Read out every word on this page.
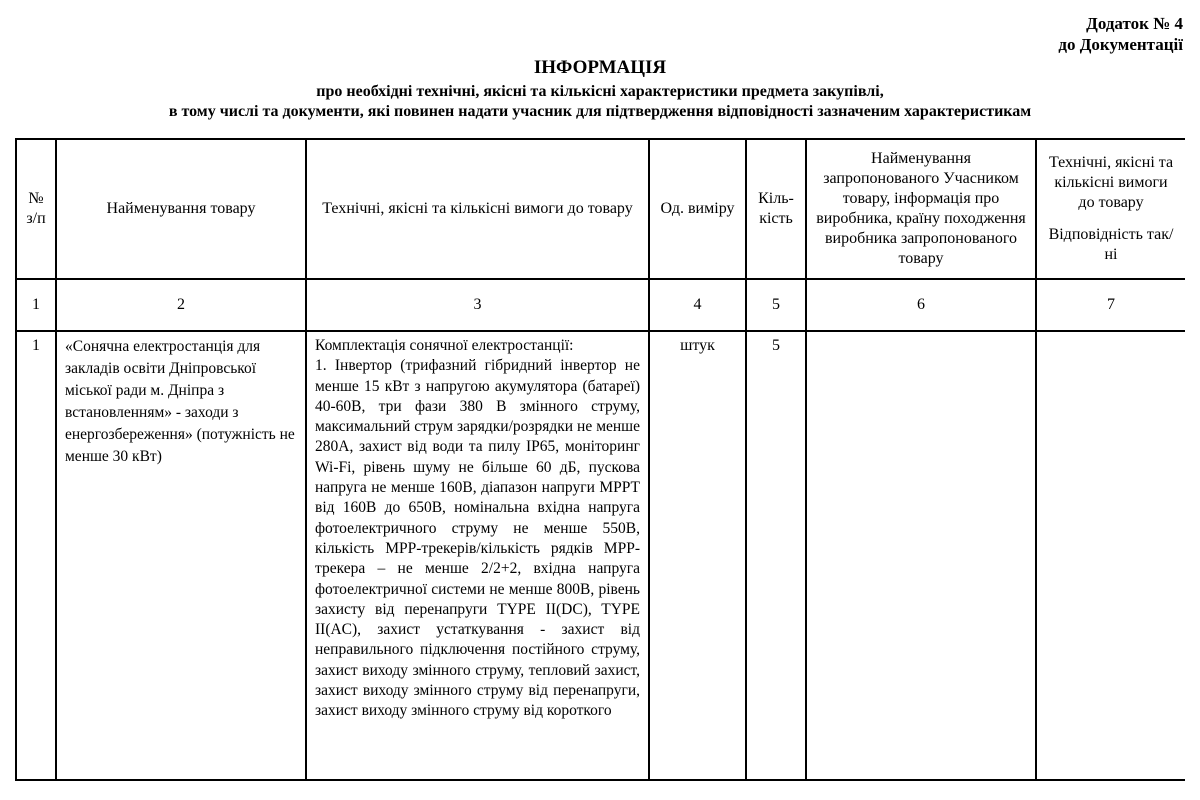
Додаток № 4
до Документації
ІНФОРМАЦІЯ
про необхідні технічні, якісні та кількісні характеристики предмета закупівлі,
в тому числі та документи, які повинен надати учасник для підтвердження відповідності зазначеним характеристикам
№ з/п	Найменування товару	Технічні, якісні та кількісні вимоги до товару	Од. виміру	Кіль-кість	Найменування запропонованого Учасником товару, інформація про виробника, країну походження виробника запропонованого товару	Технічні, якісні та кількісні вимоги до товару
Відповідність так/ні

1	2	3	4	5	6	7
1	«Сонячна електростанція для закладів освіти Дніпровської міської ради м. Дніпра з встановленням» - заходи з енергозбереження» (потужність не менше 30 кВт)	Комплектація сонячної електростанції:
1. Інвертор (трифазний гібридний інвертор не менше 15 кВт з напругою акумулятора (батареї) 40-60В, три фази 380 В змінного струму, максимальний струм зарядки/розрядки не менше 280А, захист від води та пилу IP65, моніторинг Wi-Fi, рівень шуму не більше 60 дБ, пускова напруга не менше 160В, діапазон напруги МРРТ від 160В до 650В, номінальна вхідна напруга фотоелектричного струму не менше 550В, кількість МРР-трекерів/кількість рядків МРР-трекера – не менше 2/2+2, вхідна напруга фотоелектричної системи не менше 800В, рівень захисту від перенапруги TYPE II(DC), TYPE II(AC), захист устаткування - захист від неправильного підключення постійного струму, захист виходу змінного струму, тепловий захист, захист виходу змінного струму від перенапруги, захист виходу змінного струму від короткого	штук	5		
